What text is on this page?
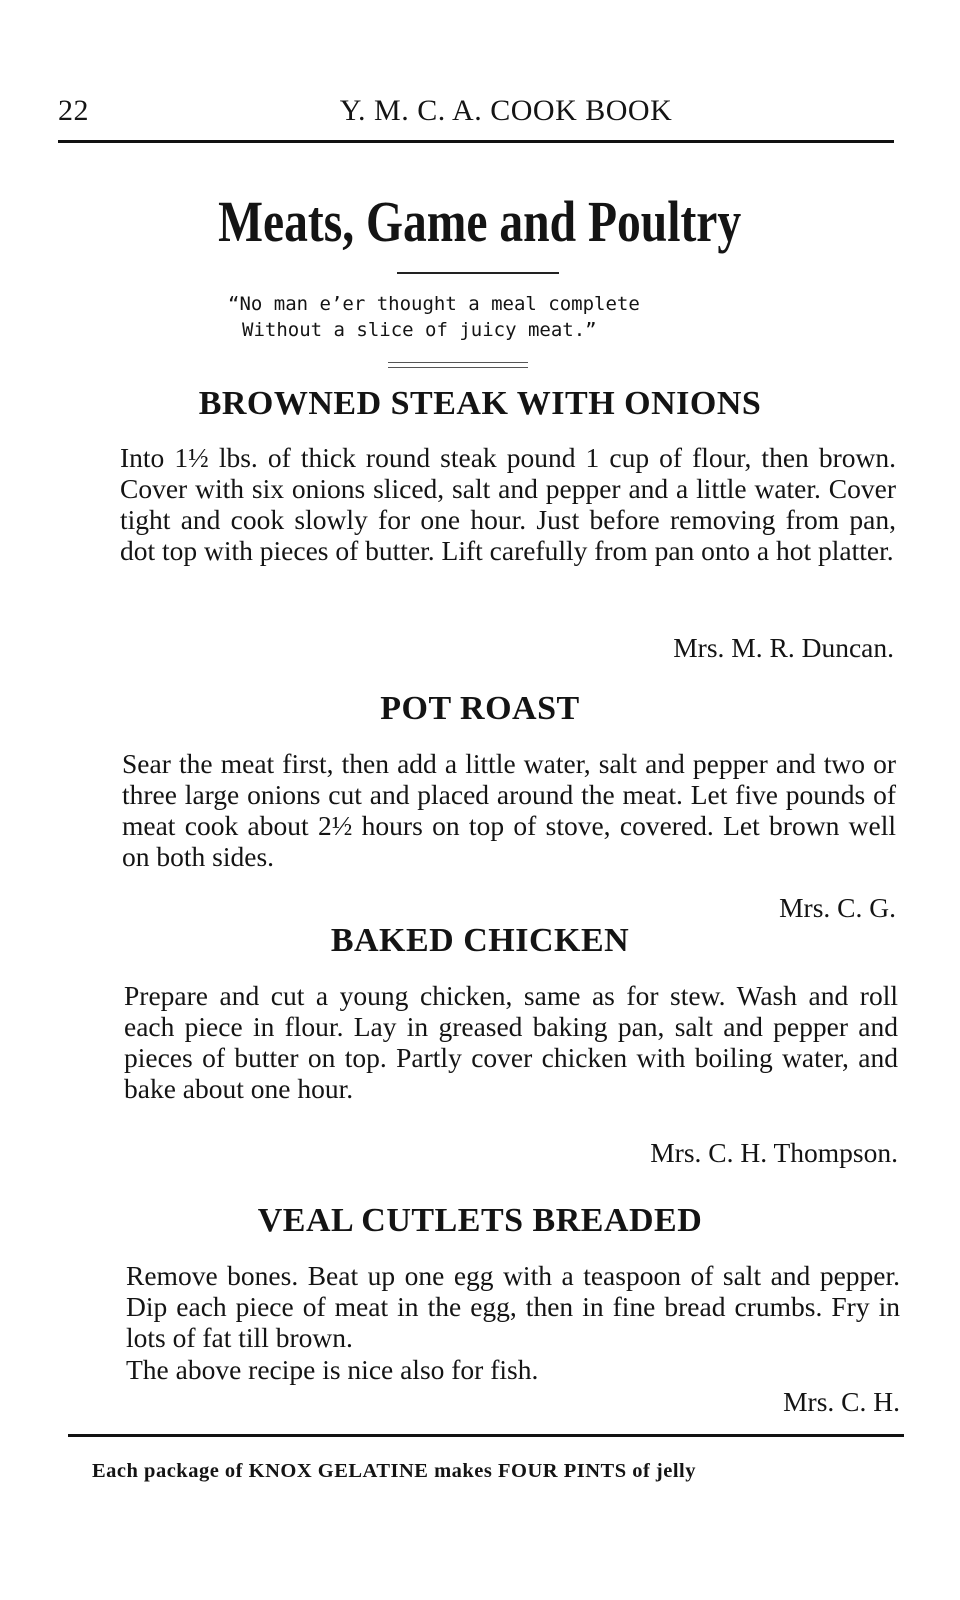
22	Y. M. C. A. COOK BOOK
Meats, Game and Poultry
“No man e’er thought a meal complete
Without a slice of juicy meat.”
BROWNED STEAK WITH ONIONS
Into 1½ lbs. of thick round steak pound 1 cup of flour, then brown. Cover with six onions sliced, salt and pepper and a little water. Cover tight and cook slowly for one hour. Just before removing from pan, dot top with pieces of butter. Lift carefully from pan onto a hot platter.
Mrs. M. R. Duncan.
POT ROAST
Sear the meat first, then add a little water, salt and pepper and two or three large onions cut and placed around the meat. Let five pounds of meat cook about 2½ hours on top of stove, covered. Let brown well on both sides.
Mrs. C. G.
BAKED CHICKEN
Prepare and cut a young chicken, same as for stew. Wash and roll each piece in flour. Lay in greased baking pan, salt and pepper and pieces of butter on top. Partly cover chicken with boiling water, and bake about one hour.
Mrs. C. H. Thompson.
VEAL CUTLETS BREADED
Remove bones. Beat up one egg with a teaspoon of salt and pepper. Dip each piece of meat in the egg, then in fine bread crumbs. Fry in lots of fat till brown.
The above recipe is nice also for fish.
Mrs. C. H.
Each package of KNOX GELATINE makes FOUR PINTS of jelly
